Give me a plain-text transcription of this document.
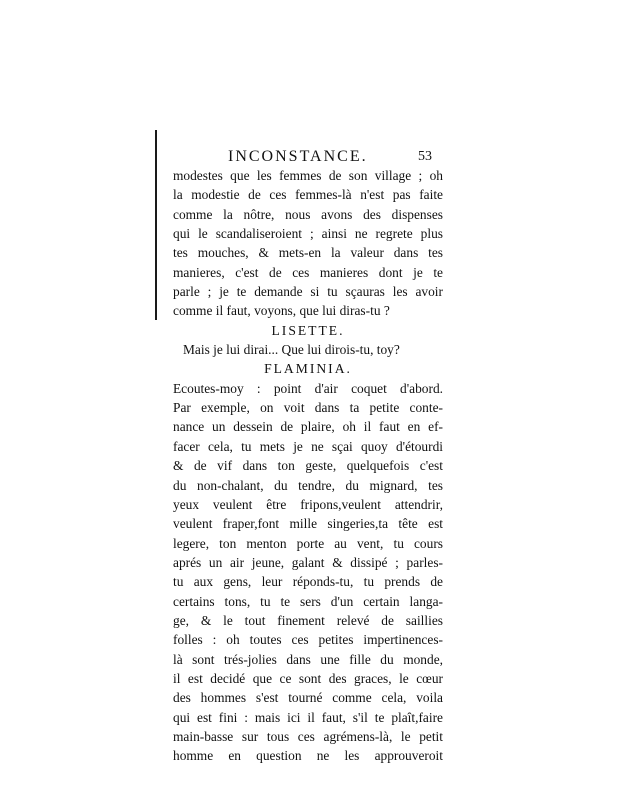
INCONSTANCE.	53
modestes que les femmes de son village ; oh
la modestie de ces femmes-là n'est pas faite
comme la nôtre, nous avons des dispenses
qui le scandaliseroient ; ainsi ne regrete plus
tes mouches, & mets-en la valeur dans tes
manieres, c'est de ces manieres dont je te
parle ; je te demande si tu sçauras les avoir
comme il faut, voyons, que lui diras-tu ?
LISETTE.
Mais je lui dirai... Que lui dirois-tu, toy?
FLAMINIA.
Ecoutes-moy : point d'air coquet d'abord.
Par exemple, on voit dans ta petite conte-
nance un dessein de plaire, oh il faut en ef-
facer cela, tu mets je ne sçai quoy d'étourdi
& de vif dans ton geste, quelquefois c'est
du non-chalant, du tendre, du mignard, tes
yeux veulent être fripons,veulent attendrir,
veulent fraper,font mille singeries,ta tête est
legere, ton menton porte au vent, tu cours
aprés un air jeune, galant & dissipé ; parles-
tu aux gens, leur réponds-tu, tu prends de
certains tons, tu te sers d'un certain langa-
ge, & le tout finement relevé de saillies
folles : oh toutes ces petites impertinences-
là sont trés-jolies dans une fille du monde,
il est decidé que ce sont des graces, le cœur
des hommes s'est tourné comme cela, voila
qui est fini : mais ici il faut, s'il te plaît,faire
main-basse sur tous ces agrémens-là, le petit
homme en question ne les approuveroit
